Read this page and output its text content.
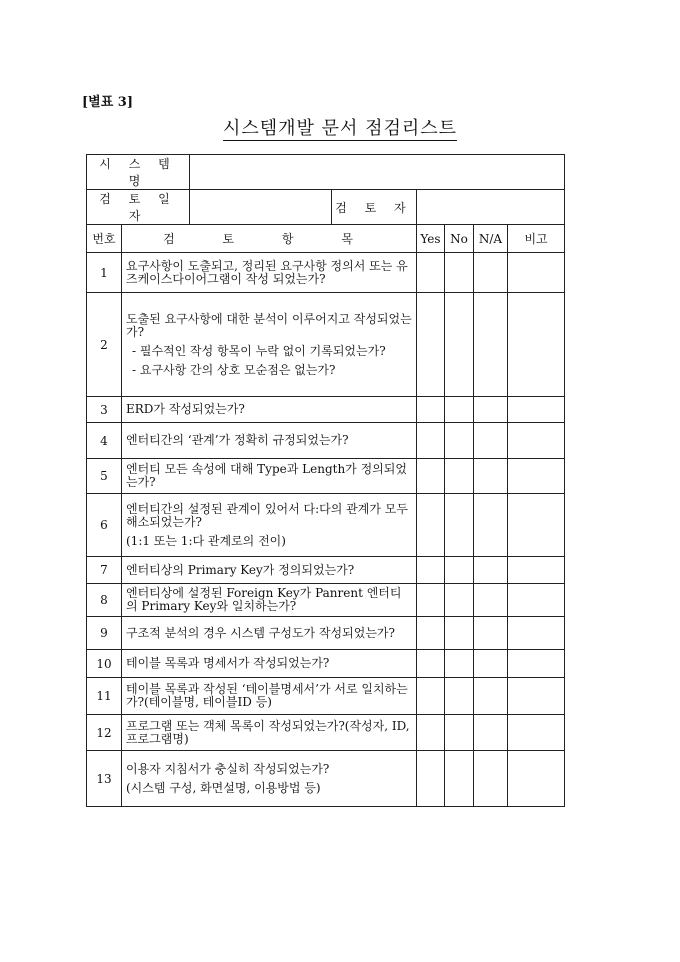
[별표 3]
시스템개발 문서 점검리스트
시 스 템 명							
검 토 일 자			검 토 자				
번호	검 토 항 목			Yes	No	N/A	비고
1	요구사항이 도출되고, 정리된 요구사항 정의서 또는 유즈케이스다이어그램이 작성 되었는가?						

2	도출된 요구사항에 대한 분석이 이루어지고 작성되었는가?
- 필수적인 작성 항목이 누락 없이 기록되었는가?
- 요구사항 간의 상호 모순점은 없는가?						

3	ERD가 작성되었는가?						

4	엔터티간의 ‘관계’가 정확히 규정되었는가?						

5	엔터티 모든 속성에 대해 Type과 Length가 정의되었는가?						

6	엔터티간의 설정된 관계이 있어서 다:다의 관계가 모두 해소되었는가?
(1:1 또는 1:다 관계로의 전이)						

7	엔터티상의 Primary Key가 정의되었는가?						

8	엔터티상에 설정된 Foreign Key가 Panrent 엔터티의 Primary Key와 일치하는가?						

9	구조적 분석의 경우 시스템 구성도가 작성되었는가?						

10	테이블 목록과 명세서가 작성되었는가?						

11	테이블 목록과 작성된 ‘테이블명세서’가 서로 일치하는가?(테이블명, 테이블ID 등)						

12	프로그램 또는 객체 목록이 작성되었는가?(작성자, ID, 프로그램명)						

13	이용자 지침서가 충실히 작성되었는가?
(시스템 구성, 화면설명, 이용방법 등)						
